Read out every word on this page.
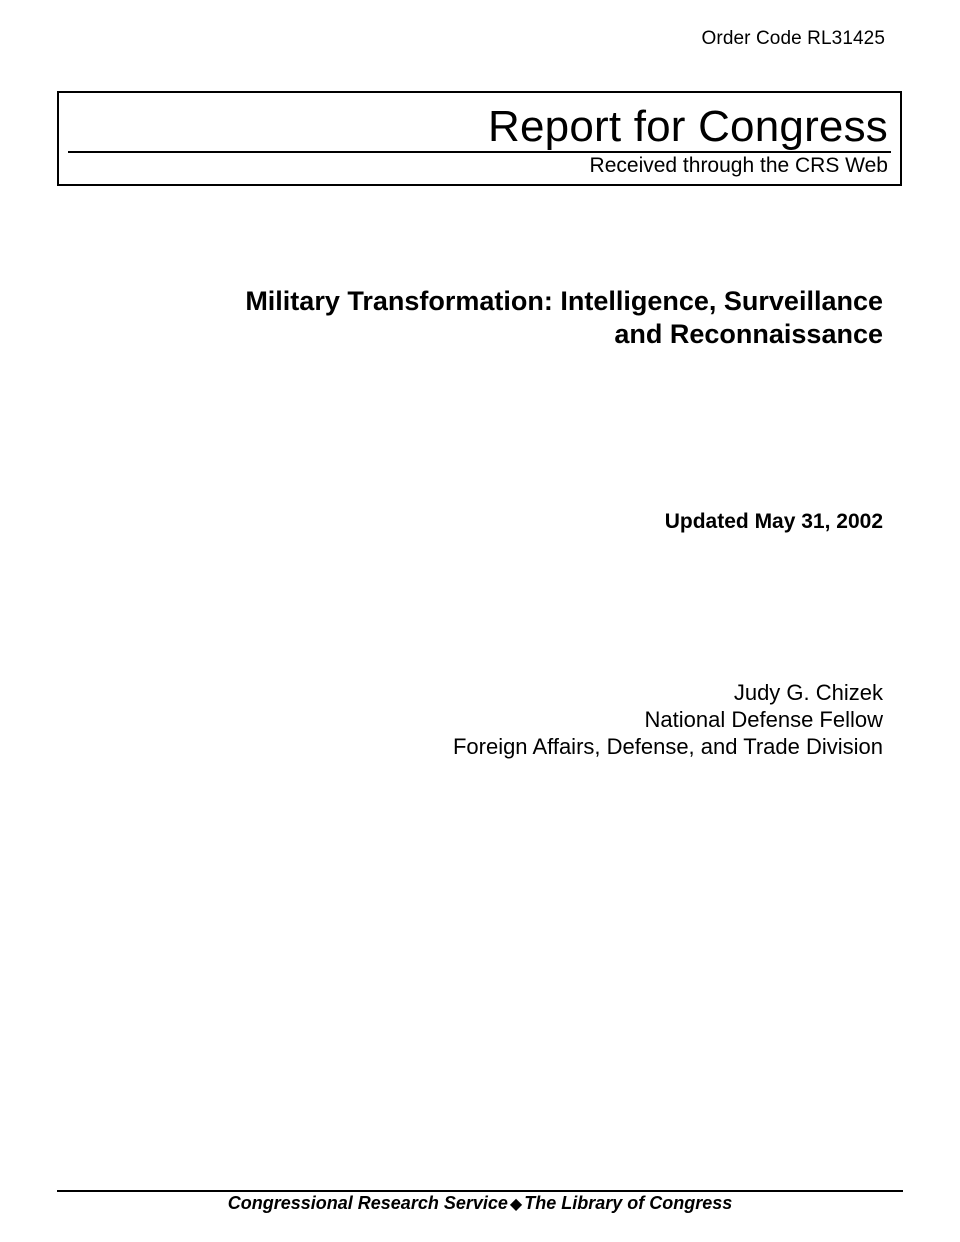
Order Code RL31425
Report for Congress
Received through the CRS Web
Military Transformation: Intelligence, Surveillance
and Reconnaissance
Updated May 31, 2002
Judy G. Chizek
National Defense Fellow
Foreign Affairs, Defense, and Trade Division
Congressional Research Service ◆ The Library of Congress
